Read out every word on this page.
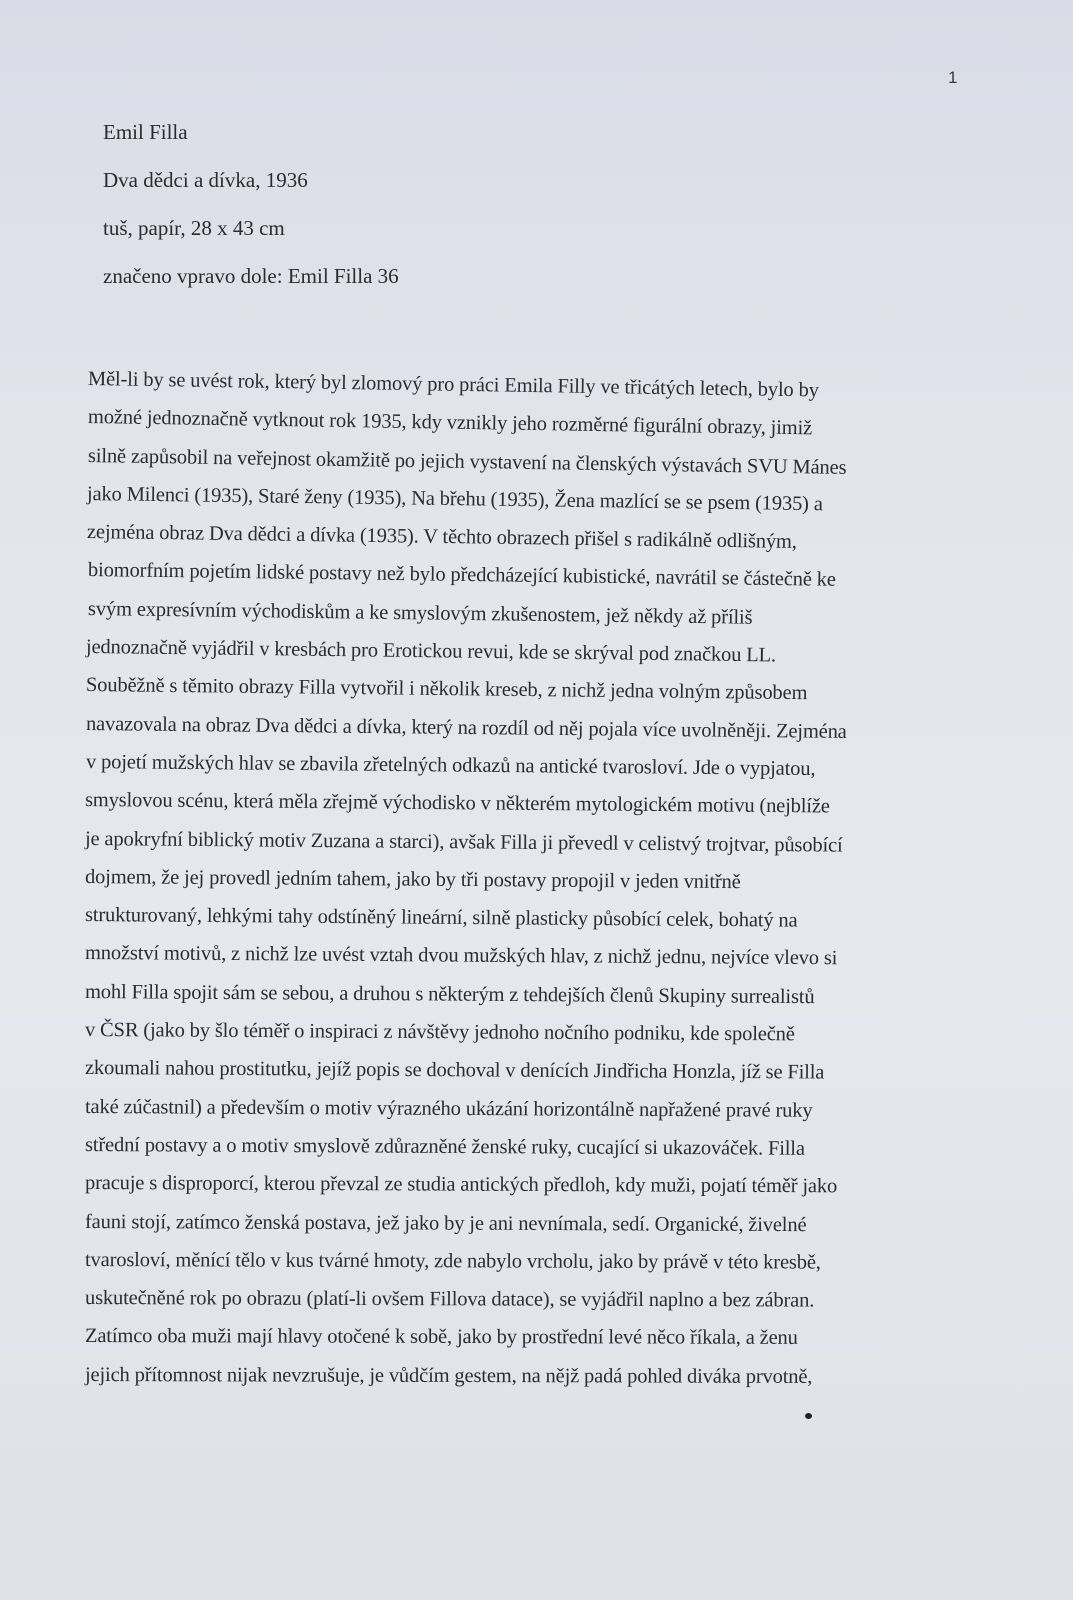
1
Emil Filla
Dva dědci a dívka, 1936
tuš, papír, 28 x 43 cm
značeno vpravo dole: Emil Filla 36
Měl-li by se uvést rok, který byl zlomový pro práci Emila Filly ve třicátých letech, bylo by
možné jednoznačně vytknout rok 1935, kdy vznikly jeho rozměrné figurální obrazy, jimiž
silně zapůsobil na veřejnost okamžitě po jejich vystavení na členských výstavách SVU Mánes
jako Milenci (1935), Staré ženy (1935), Na břehu (1935), Žena mazlící se se psem (1935) a
zejména obraz Dva dědci a dívka (1935). V těchto obrazech přišel s radikálně odlišným,
biomorfním pojetím lidské postavy než bylo předcházející kubistické, navrátil se částečně ke
svým expresívním východiskům a ke smyslovým zkušenostem, jež někdy až příliš
jednoznačně vyjádřil v kresbách pro Erotickou revui, kde se skrýval pod značkou LL.
Souběžně s těmito obrazy Filla vytvořil i několik kreseb, z nichž jedna volným způsobem
navazovala na obraz Dva dědci a dívka, který na rozdíl od něj pojala více uvolněněji. Zejména
v pojetí mužských hlav se zbavila zřetelných odkazů na antické tvarosloví. Jde o vypjatou,
smyslovou scénu, která měla zřejmě východisko v některém mytologickém motivu (nejblíže
je apokryfní biblický motiv Zuzana a starci), avšak Filla ji převedl v celistvý trojtvar, působící
dojmem, že jej provedl jedním tahem, jako by tři postavy propojil v jeden vnitřně
strukturovaný, lehkými tahy odstíněný lineární, silně plasticky působící celek, bohatý na
množství motivů, z nichž lze uvést vztah dvou mužských hlav, z nichž jednu, nejvíce vlevo si
mohl Filla spojit sám se sebou, a druhou s některým z tehdejších členů Skupiny surrealistů
v ČSR (jako by šlo téměř o inspiraci z návštěvy jednoho nočního podniku, kde společně
zkoumali nahou prostitutku, jejíž popis se dochoval v denících Jindřicha Honzla, jíž se Filla
také zúčastnil) a především o motiv výrazného ukázání horizontálně napřažené pravé ruky
střední postavy a o motiv smyslově zdůrazněné ženské ruky, cucající si ukazováček. Filla
pracuje s disproporcí, kterou převzal ze studia antických předloh, kdy muži, pojatí téměř jako
fauni stojí, zatímco ženská postava, jež jako by je ani nevnímala, sedí. Organické, živelné
tvarosloví, měnící tělo v kus tvárné hmoty, zde nabylo vrcholu, jako by právě v této kresbě,
uskutečněné rok po obrazu (platí-li ovšem Fillova datace), se vyjádřil naplno a bez zábran.
Zatímco oba muži mají hlavy otočené k sobě, jako by prostřední levé něco říkala, a ženu
jejich přítomnost nijak nevzrušuje, je vůdčím gestem, na nějž padá pohled diváka prvotně,
